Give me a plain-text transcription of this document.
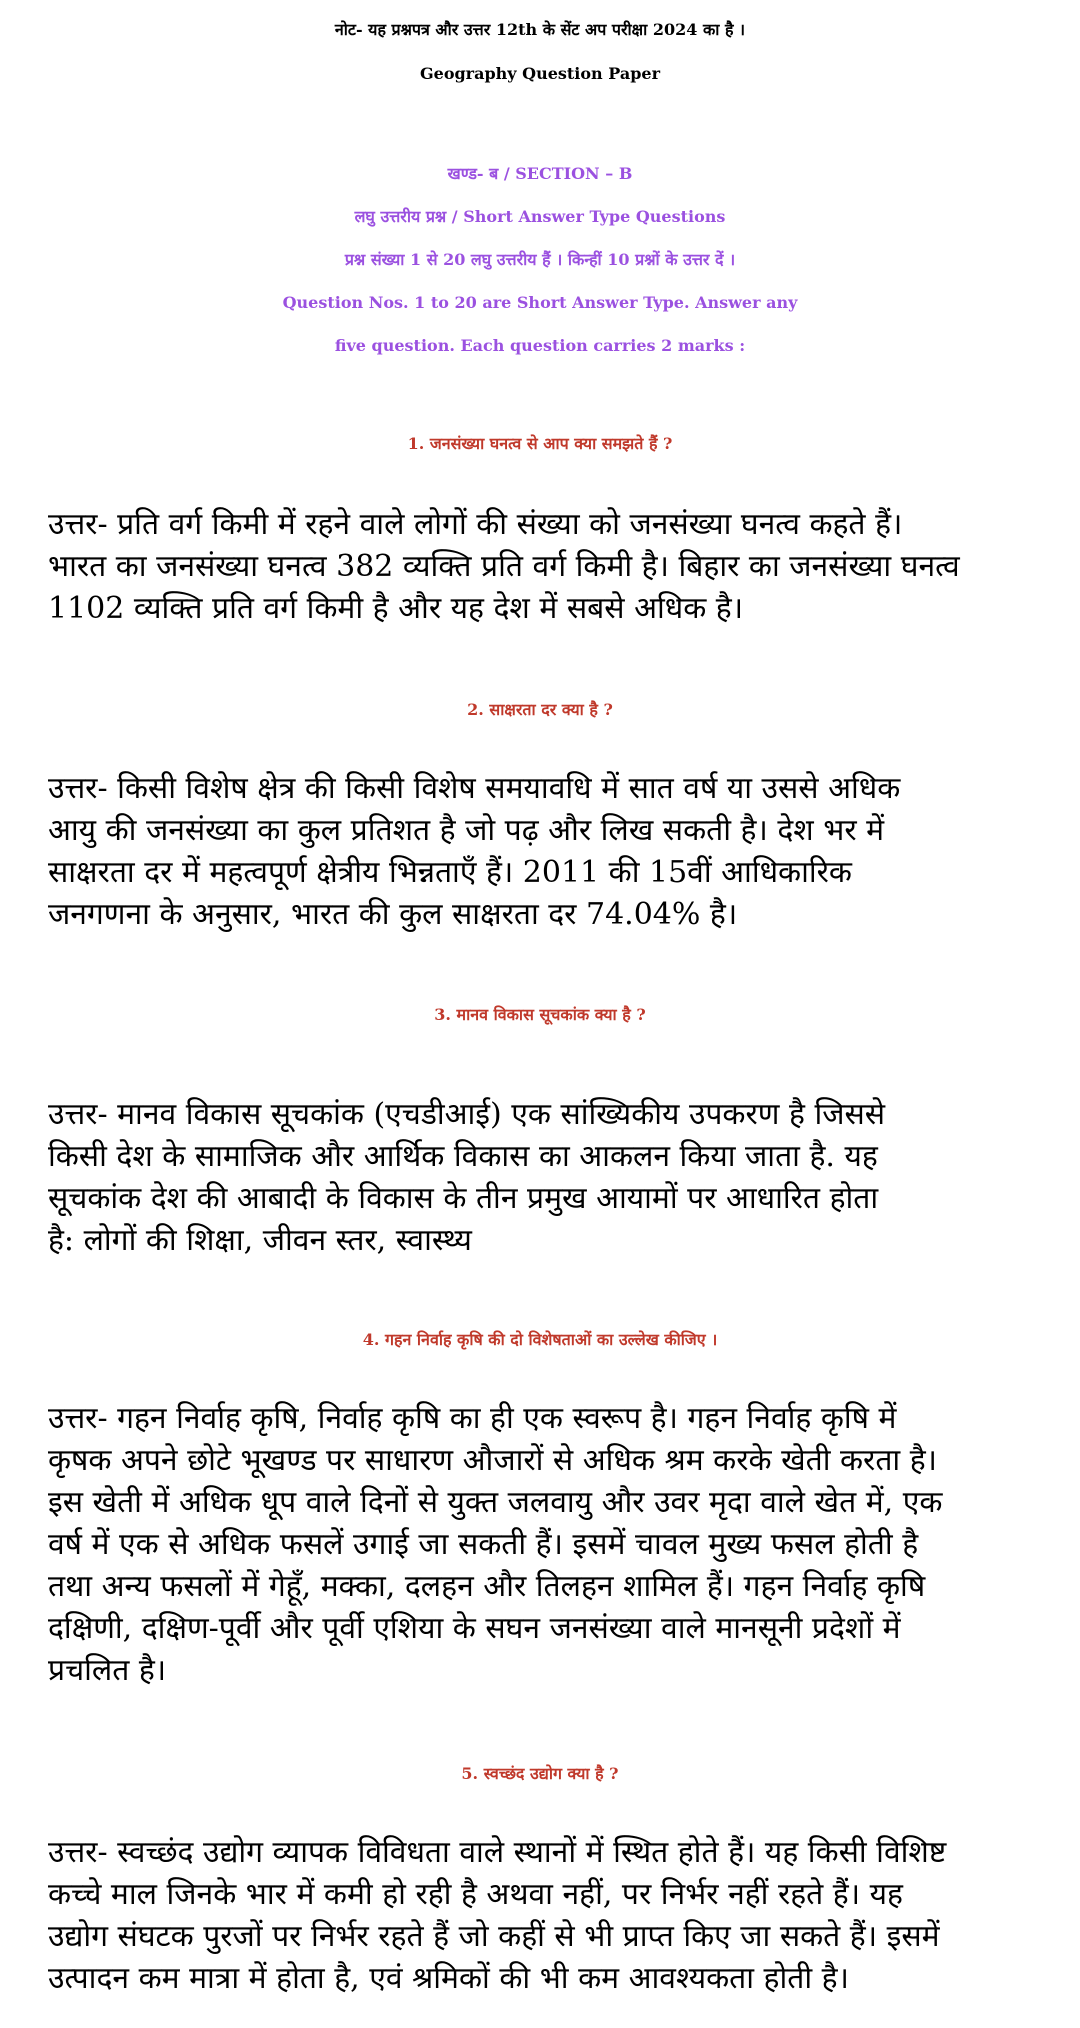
नोट- यह प्रश्नपत्र और उत्तर 12th के सेंट अप परीक्षा 2024 का है ।
Geography Question Paper
खण्ड- ब / SECTION – B
लघु उत्तरीय प्रश्न / Short Answer Type Questions
प्रश्न संख्या 1 से 20 लघु उत्तरीय हैं । किन्हीं 10 प्रश्नों के उत्तर दें ।
Question Nos. 1 to 20 are Short Answer Type. Answer any
five question. Each question carries 2 marks :
1. जनसंख्या घनत्व से आप क्या समझते हैं ?
उत्तर- प्रति वर्ग किमी में रहने वाले लोगों की संख्या को जनसंख्या घनत्व कहते हैं।
भारत का जनसंख्या घनत्व 382 व्यक्ति प्रति वर्ग किमी है। बिहार का जनसंख्या घनत्व
1102 व्यक्ति प्रति वर्ग किमी है और यह देश में सबसे अधिक है।
2. साक्षरता दर क्या है ?
उत्तर- किसी विशेष क्षेत्र की किसी विशेष समयावधि में सात वर्ष या उससे अधिक
आयु की जनसंख्या का कुल प्रतिशत है जो पढ़ और लिख सकती है। देश भर में
साक्षरता दर में महत्वपूर्ण क्षेत्रीय भिन्नताएँ हैं। 2011 की 15वीं आधिकारिक
जनगणना के अनुसार, भारत की कुल साक्षरता दर 74.04% है।
3. मानव विकास सूचकांक क्या है ?
उत्तर- मानव विकास सूचकांक (एचडीआई) एक सांख्यिकीय उपकरण है जिससे
किसी देश के सामाजिक और आर्थिक विकास का आकलन किया जाता है. यह
सूचकांक देश की आबादी के विकास के तीन प्रमुख आयामों पर आधारित होता
है: लोगों की शिक्षा, जीवन स्तर, स्वास्थ्य
4. गहन निर्वाह कृषि की दो विशेषताओं का उल्लेख कीजिए ।
उत्तर- गहन निर्वाह कृषि, निर्वाह कृषि का ही एक स्वरूप है। गहन निर्वाह कृषि में
कृषक अपने छोटे भूखण्ड पर साधारण औजारों से अधिक श्रम करके खेती करता है।
इस खेती में अधिक धूप वाले दिनों से युक्त जलवायु और उवर मृदा वाले खेत में, एक
वर्ष में एक से अधिक फसलें उगाई जा सकती हैं। इसमें चावल मुख्य फसल होती है
तथा अन्य फसलों में गेहूँ, मक्का, दलहन और तिलहन शामिल हैं। गहन निर्वाह कृषि
दक्षिणी, दक्षिण-पूर्वी और पूर्वी एशिया के सघन जनसंख्या वाले मानसूनी प्रदेशों में
प्रचलित है।
5. स्वच्छंद उद्योग क्या है ?
उत्तर- स्वच्छंद उद्योग व्यापक विविधता वाले स्थानों में स्थित होते हैं। यह किसी विशिष्ट
कच्चे माल जिनके भार में कमी हो रही है अथवा नहीं, पर निर्भर नहीं रहते हैं। यह
उद्योग संघटक पुरजों पर निर्भर रहते हैं जो कहीं से भी प्राप्त किए जा सकते हैं। इसमें
उत्पादन कम मात्रा में होता है, एवं श्रमिकों की भी कम आवश्यकता होती है।
